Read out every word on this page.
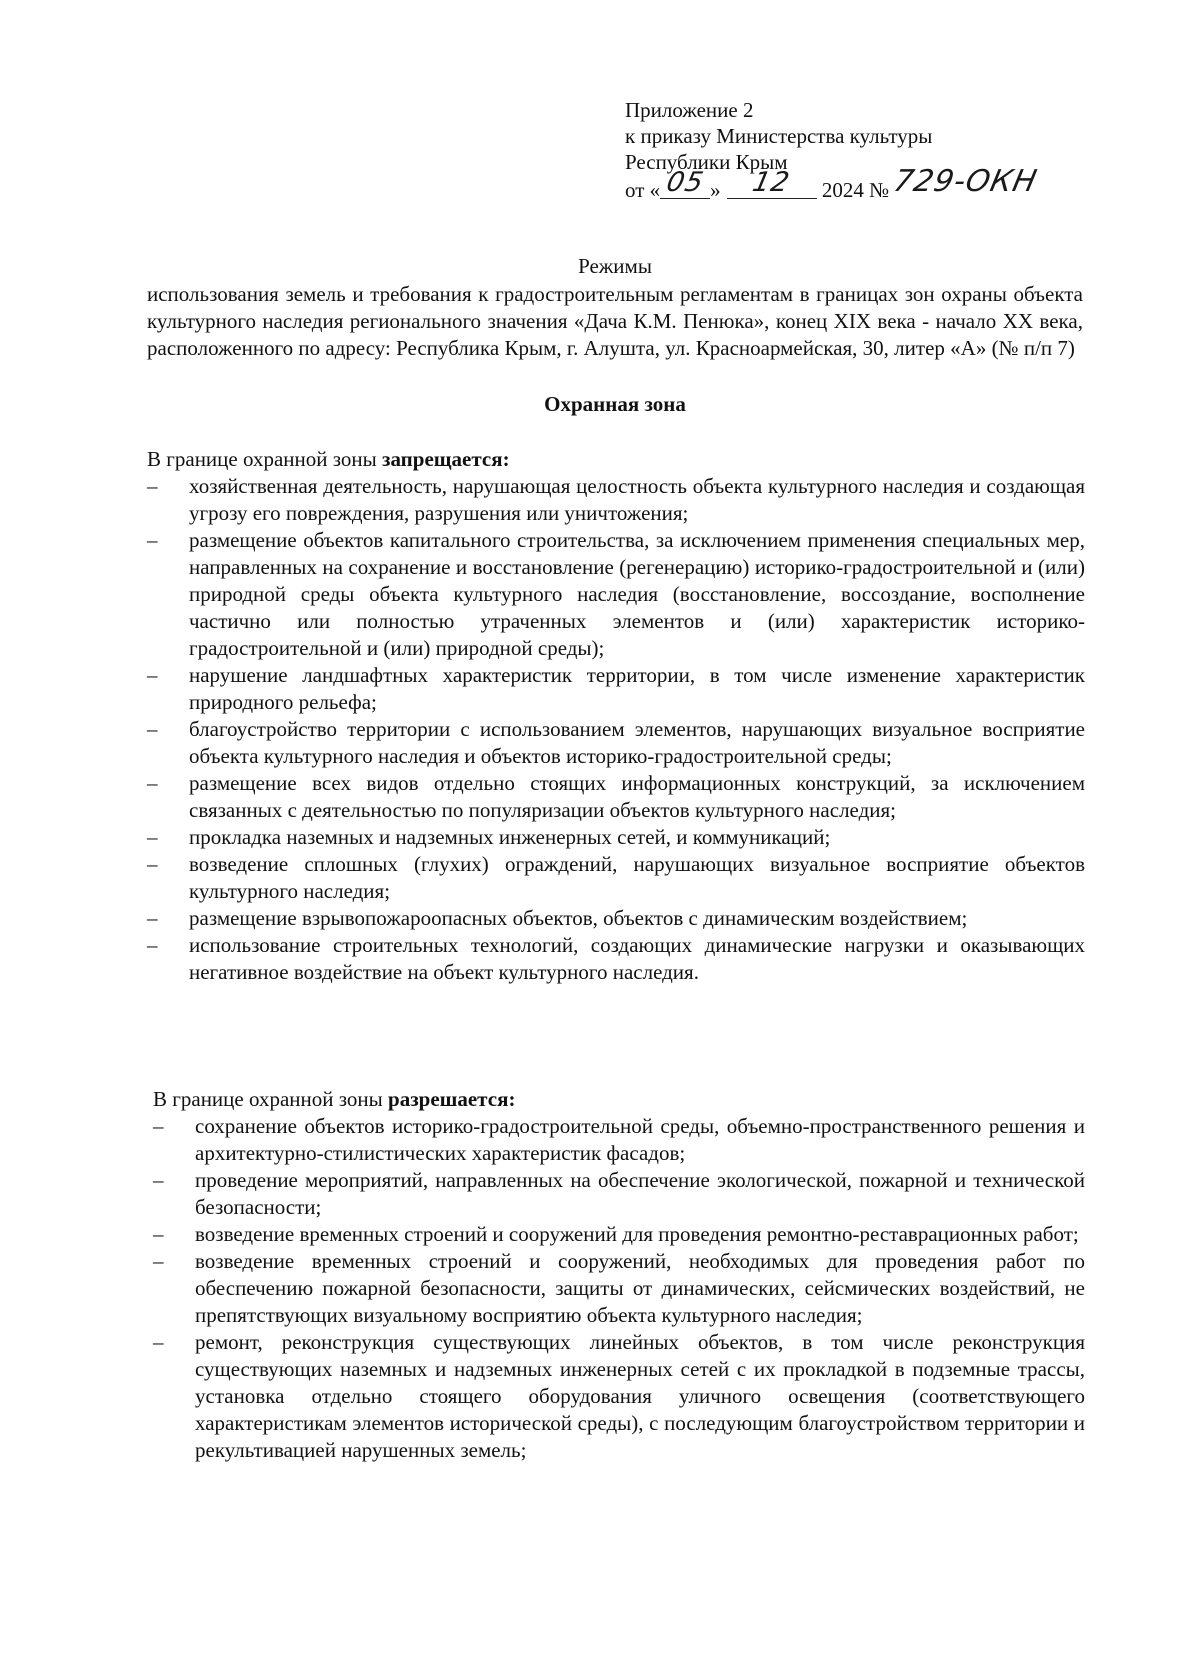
Приложение 2
к приказу Министерства культуры
Республики Крым
от « 05 » 12 2024 № 729-ОКН
Режимы
использования земель и требования к градостроительным регламентам в границах зон охраны объекта культурного наследия регионального значения «Дача К.М. Пенюка», конец XIX века - начало XX века, расположенного по адресу: Республика Крым, г. Алушта, ул. Красноармейская, 30, литер «А» (№ п/п 7)
Охранная зона

В границе охранной зоны запрещается:

–	хозяйственная деятельность, нарушающая целостность объекта культурного наследия и создающая угрозу его повреждения, разрушения или уничтожения;
–	размещение объектов капитального строительства, за исключением применения специальных мер, направленных на сохранение и восстановление (регенерацию) историко-градостроительной и (или) природной среды объекта культурного наследия (восстановление, воссоздание, восполнение частично или полностью утраченных элементов и (или) характеристик историко-градостроительной и (или) природной среды);
–	нарушение ландшафтных характеристик территории, в том числе изменение характеристик природного рельефа;
–	благоустройство территории с использованием элементов, нарушающих визуальное восприятие объекта культурного наследия и объектов историко-градостроительной среды;
–	размещение всех видов отдельно стоящих информационных конструкций, за исключением связанных с деятельностью по популяризации объектов культурного наследия;
–	прокладка наземных и надземных инженерных сетей, и коммуникаций;
–	возведение сплошных (глухих) ограждений, нарушающих визуальное восприятие объектов культурного наследия;
–	размещение взрывопожароопасных объектов, объектов с динамическим воздействием;
–	использование строительных технологий, создающих динамические нагрузки и оказывающих негативное воздействие на объект культурного наследия.

В границе охранной зоны разрешается:

–	сохранение объектов историко-градостроительной среды, объемно-пространственного решения и архитектурно-стилистических характеристик фасадов;
–	проведение мероприятий, направленных на обеспечение экологической, пожарной и технической безопасности;
–	возведение временных строений и сооружений для проведения ремонтно-реставрационных работ;
–	возведение временных строений и сооружений, необходимых для проведения работ по обеспечению пожарной безопасности, защиты от динамических, сейсмических воздействий, не препятствующих визуальному восприятию объекта культурного наследия;
–	ремонт, реконструкция существующих линейных объектов, в том числе реконструкция существующих наземных и надземных инженерных сетей с их прокладкой в подземные трассы, установка отдельно стоящего оборудования уличного освещения (соответствующего характеристикам элементов исторической среды), с последующим благоустройством территории и рекультивацией нарушенных земель;
